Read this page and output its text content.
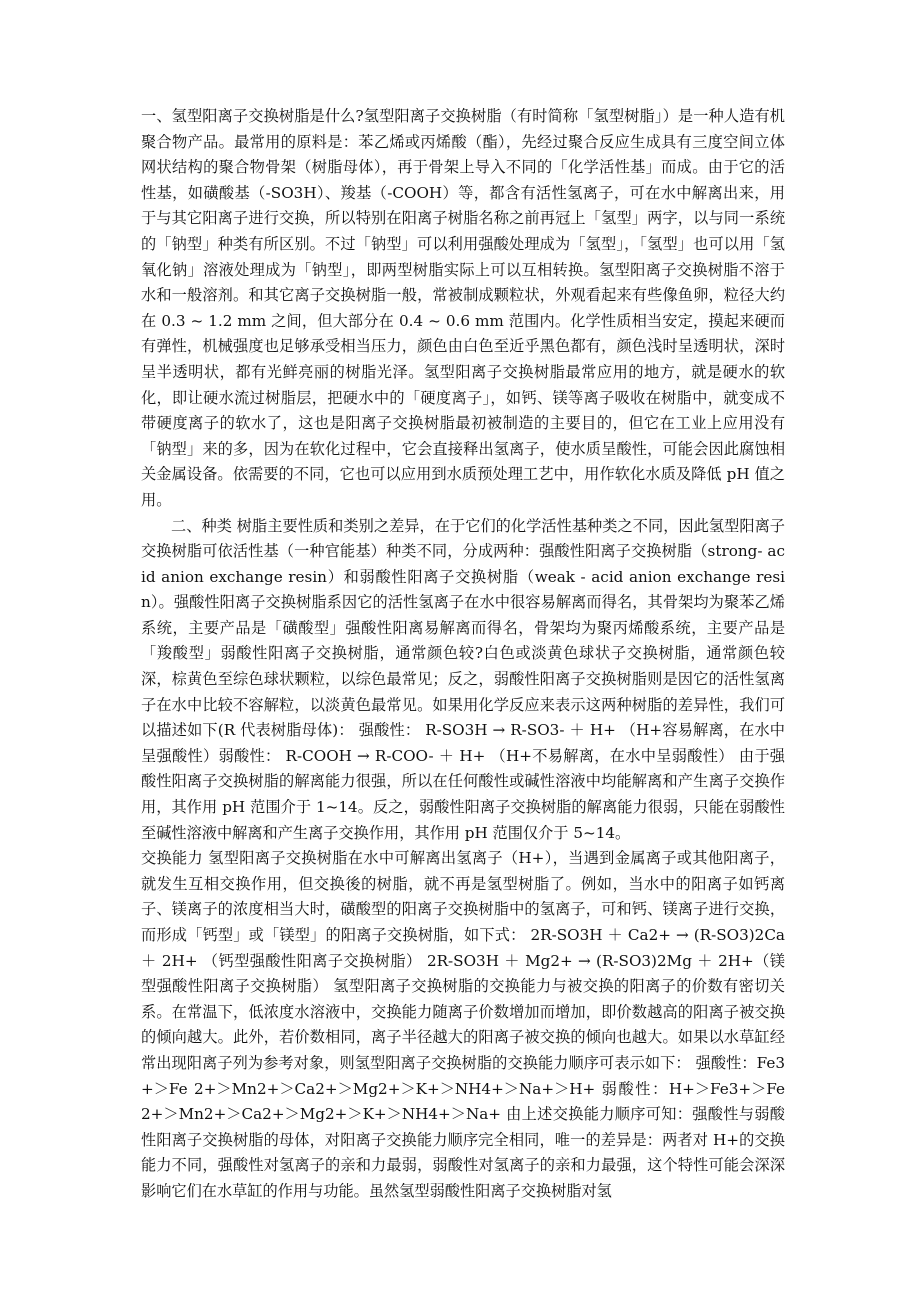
一、氢型阳离子交换树脂是什么?氢型阳离子交换树脂（有时简称「氢型树脂」）是一种人造有机聚合物产品。最常用的原料是：苯乙烯或丙烯酸（酯），先经过聚合反应生成具有三度空间立体网状结构的聚合物骨架（树脂母体），再于骨架上导入不同的「化学活性基」而成。由于它的活性基，如磺酸基（-SO3H）、羧基（-COOH）等，都含有活性氢离子，可在水中解离出来，用于与其它阳离子进行交换，所以特别在阳离子树脂名称之前再冠上「氢型」两字，以与同一系统的「钠型」种类有所区别。不过「钠型」可以利用强酸处理成为「氢型」，「氢型」也可以用「氢氧化钠」溶液处理成为「钠型」，即两型树脂实际上可以互相转换。氢型阳离子交换树脂不溶于水和一般溶剂。和其它离子交换树脂一般，常被制成颗粒状，外观看起来有些像鱼卵，粒径大约在 0.3 ~ 1.2 mm 之间，但大部分在 0.4 ~ 0.6 mm 范围内。化学性质相当安定，摸起来硬而有弹性，机械强度也足够承受相当压力，颜色由白色至近乎黑色都有，颜色浅时呈透明状，深时呈半透明状，都有光鲜亮丽的树脂光泽。氢型阳离子交换树脂最常应用的地方，就是硬水的软化，即让硬水流过树脂层，把硬水中的「硬度离子」，如钙、镁等离子吸收在树脂中，就变成不带硬度离子的软水了，这也是阳离子交换树脂最初被制造的主要目的，但它在工业上应用没有「钠型」来的多，因为在软化过程中，它会直接释出氢离子，使水质呈酸性，可能会因此腐蚀相关金属设备。依需要的不同，它也可以应用到水质预处理工艺中，用作软化水质及降低 pH 值之用。

二、种类 树脂主要性质和类别之差异，在于它们的化学活性基种类之不同，因此氢型阳离子交换树脂可依活性基（一种官能基）种类不同，分成两种：强酸性阳离子交换树脂（strong- acid anion exchange resin）和弱酸性阳离子交换树脂（weak - acid anion exchange resin）。强酸性阳离子交换树脂系因它的活性氢离子在水中很容易解离而得名，其骨架均为聚苯乙烯系统，主要产品是「磺酸型」强酸性阳离易解离而得名，骨架均为聚丙烯酸系统，主要产品是「羧酸型」弱酸性阳离子交换树脂，通常颜色较?白色或淡黄色球状子交换树脂，通常颜色较深，棕黄色至综色球状颗粒，以综色最常见；反之，弱酸性阳离子交换树脂则是因它的活性氢离子在水中比较不容解粒，以淡黄色最常见。如果用化学反应来表示这两种树脂的差异性，我们可以描述如下(R 代表树脂母体)： 强酸性： R-SO3H → R-SO3- ＋ H+ （H+容易解离，在水中呈强酸性）弱酸性： R-COOH → R-COO- ＋ H+ （H+不易解离，在水中呈弱酸性） 由于强酸性阳离子交换树脂的解离能力很强，所以在任何酸性或碱性溶液中均能解离和产生离子交换作用，其作用 pH 范围介于 1~14。反之，弱酸性阳离子交换树脂的解离能力很弱，只能在弱酸性至碱性溶液中解离和产生离子交换作用，其作用 pH 范围仅介于 5~14。

交换能力 氢型阳离子交换树脂在水中可解离出氢离子（H+），当遇到金属离子或其他阳离子，就发生互相交换作用，但交换後的树脂，就不再是氢型树脂了。例如，当水中的阳离子如钙离子、镁离子的浓度相当大时，磺酸型的阳离子交换树脂中的氢离子，可和钙、镁离子进行交换，而形成「钙型」或「镁型」的阳离子交换树脂，如下式： 2R-SO3H ＋ Ca2+ → (R-SO3)2Ca ＋ 2H+ （钙型强酸性阳离子交换树脂） 2R-SO3H ＋ Mg2+ → (R-SO3)2Mg ＋ 2H+（镁型强酸性阳离子交换树脂） 氢型阳离子交换树脂的交换能力与被交换的阳离子的价数有密切关系。在常温下，低浓度水溶液中，交换能力随离子价数增加而增加，即价数越高的阳离子被交换的倾向越大。此外，若价数相同，离子半径越大的阳离子被交换的倾向也越大。如果以水草缸经常出现阳离子列为参考对象，则氢型阳离子交换树脂的交换能力顺序可表示如下： 强酸性：Fe3+＞Fe 2+＞Mn2+＞Ca2+＞Mg2+＞K+＞NH4+＞Na+＞H+ 弱酸性：H+＞Fe3+＞Fe 2+＞Mn2+＞Ca2+＞Mg2+＞K+＞NH4+＞Na+ 由上述交换能力顺序可知：强酸性与弱酸性阳离子交换树脂的母体，对阳离子交换能力顺序完全相同，唯一的差异是：两者对 H+的交换能力不同，强酸性对氢离子的亲和力最弱，弱酸性对氢离子的亲和力最强，这个特性可能会深深影响它们在水草缸的作用与功能。虽然氢型弱酸性阳离子交换树脂对氢
